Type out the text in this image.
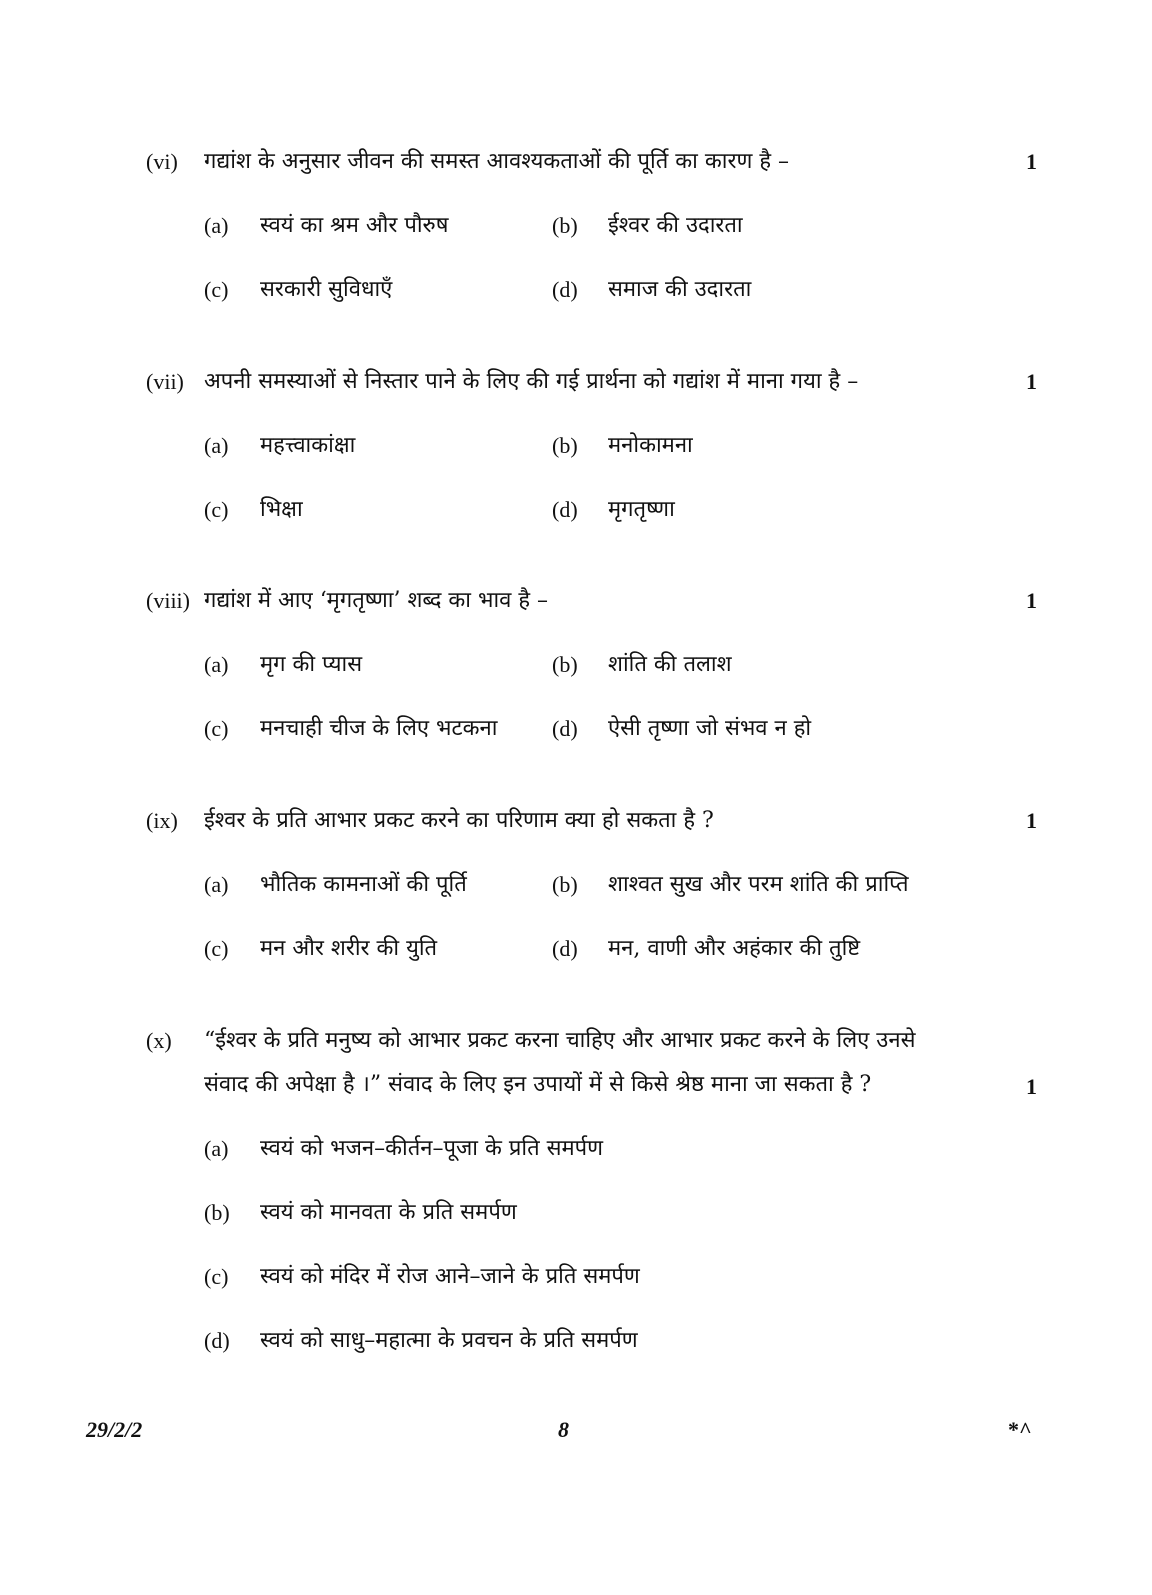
(vi) गद्यांश के अनुसार जीवन की समस्त आवश्यकताओं की पूर्ति का कारण है –	1
(a) स्वयं का श्रम और पौरुष	(b) ईश्वर की उदारता
(c) सरकारी सुविधाएँ	(d) समाज की उदारता
(vii) अपनी समस्याओं से निस्तार पाने के लिए की गई प्रार्थना को गद्यांश में माना गया है –	1
(a) महत्त्वाकांक्षा	(b) मनोकामना
(c) भिक्षा	(d) मृगतृष्णा
(viii) गद्यांश में आए ‘मृगतृष्णा’ शब्द का भाव है –	1
(a) मृग की प्यास	(b) शांति की तलाश
(c) मनचाही चीज के लिए भटकना (d) ऐसी तृष्णा जो संभव न हो
(ix) ईश्वर के प्रति आभार प्रकट करने का परिणाम क्या हो सकता है ?	1
(a) भौतिक कामनाओं की पूर्ति	(b) शाश्वत सुख और परम शांति की प्राप्ति
(c) मन और शरीर की युति	(d) मन, वाणी और अहंकार की तुष्टि
(x) “ईश्वर के प्रति मनुष्य को आभार प्रकट करना चाहिए और आभार प्रकट करने के लिए उनसे
संवाद की अपेक्षा है ।” संवाद के लिए इन उपायों में से किसे श्रेष्ठ माना जा सकता है ?	1
(a) स्वयं को भजन–कीर्तन–पूजा के प्रति समर्पण
(b) स्वयं को मानवता के प्रति समर्पण
(c) स्वयं को मंदिर में रोज आने–जाने के प्रति समर्पण
(d) स्वयं को साधु–महात्मा के प्रवचन के प्रति समर्पण
29/2/2	8	*^
